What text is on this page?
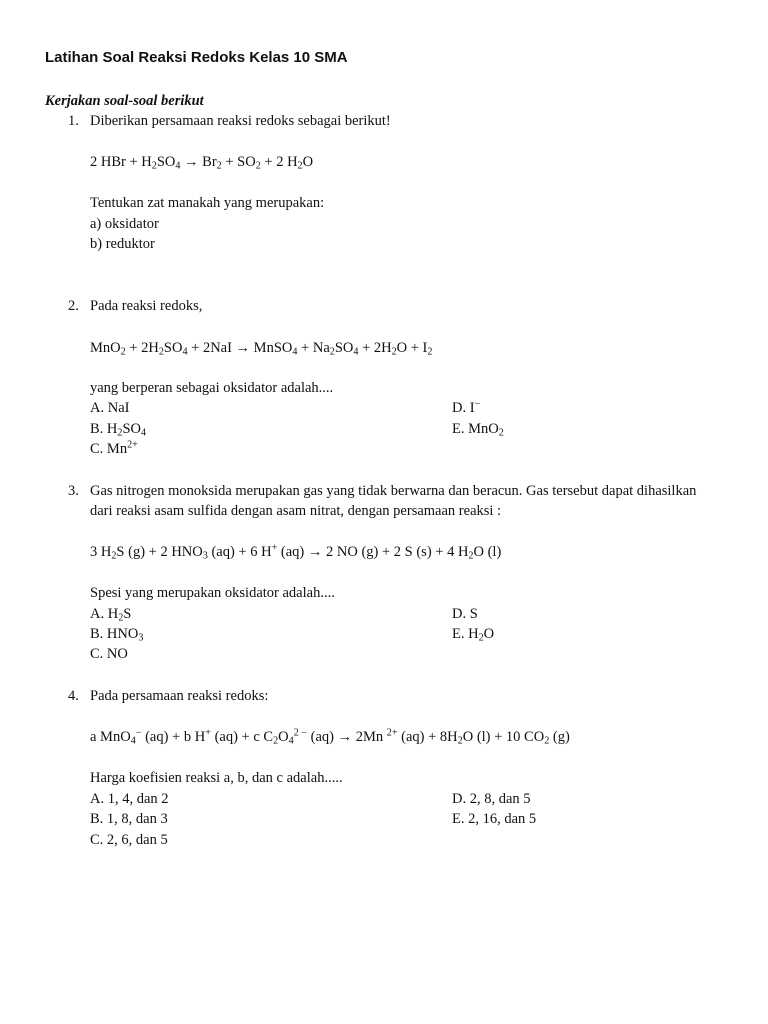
Latihan Soal Reaksi Redoks Kelas 10 SMA

Kerjakan soal-soal berikut

1. Diberikan persamaan reaksi redoks sebagai berikut!
2 HBr + $H_2SO_4 \to Br_2 + SO_2 + 2$ $H_2O$
Tentukan zat manakah yang merupakan:
a) oksidator
b) reduktor
2. Pada reaksi redoks,
$MnO_2 + 2H_2SO_4 + 2NaI$ → MnSO$_4$ + $Na_2SO_4 + 2H_2O + I_2$
yang berperan sebagai oksidator adalah....
A. NaI
B. $H_2SO_4$
C. $Mn^{2+}$
D. I−
E. MnO$_2$
3. Gas nitrogen monoksida merupakan gas yang tidak berwarna dan beracun. Gas tersebut dapat dihasilkan
dari reaksi asam sulfida dengan asam nitrat, dengan persamaan reaksi :
3 $H_2S$ (g) + 2 $HNO_3$ (aq) + 6 H+ (aq) → 2 NO (g) + 2 S (s) + 4 $H_2O$ (l)
Spesi yang merupakan oksidator adalah....
A. $H_2S$
B. $HNO_3$
C. NO
D. S
E. $H_2O$
4. Pada persamaan reaksi redoks:
a MnO$_4$− (aq) + b H+ (aq) + c $C_2O_4^{2 -}$ (aq) → 2Mn $^{2+}$ $(aq) + 8H_2O$ (l) + 10 $CO_2$ (g)
Harga koefisien reaksi a, b, dan c adalah.....
A. 1, 4, dan 2
B. 1, 8, dan 3
C. 2, 6, dan 5
D. 2, 8, dan 5
E. 2, 16, dan 5
